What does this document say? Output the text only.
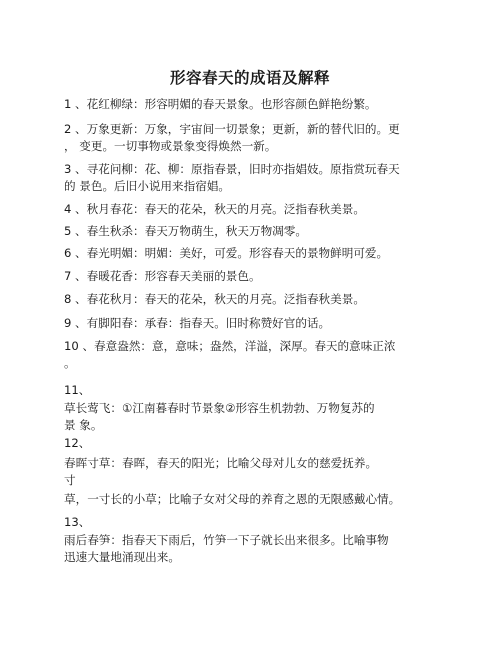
形容春天的成语及解释
1 、花红柳绿：形容明媚的春天景象。也形容颜色鲜艳纷繁。
2 、万象更新：万象，宇宙间一切景象；更新，新的替代旧的。更
， 变更。一切事物或景象变得焕然一新。
3 、寻花问柳：花、柳：原指春景，旧时亦指娼妓。原指赏玩春天
的 景色。后旧小说用来指宿娼。
4 、秋月春花：春天的花朵，秋天的月亮。泛指春秋美景。
5 、春生秋杀：春天万物萌生，秋天万物凋零。
6 、春光明媚：明媚：美好，可爱。形容春天的景物鲜明可爱。
7 、春暖花香：形容春天美丽的景色。
8 、春花秋月：春天的花朵，秋天的月亮。泛指春秋美景。
9 、有脚阳春：承春：指春天。旧时称赞好官的话。
10 、春意盎然：意，意味；盎然，洋溢，深厚。春天的意味正浓
。
11、
草长莺飞：①江南暮春时节景象②形容生机勃勃、万物复苏的
景 象。
12、
春晖寸草：春晖，春天的阳光；比喻父母对儿女的慈爱抚养。
寸
草，一寸长的小草；比喻子女对父母的养育之恩的无限感戴心情。
13、
雨后春笋：指春天下雨后，竹笋一下子就长出来很多。比喻事物
迅速大量地涌现出来。
